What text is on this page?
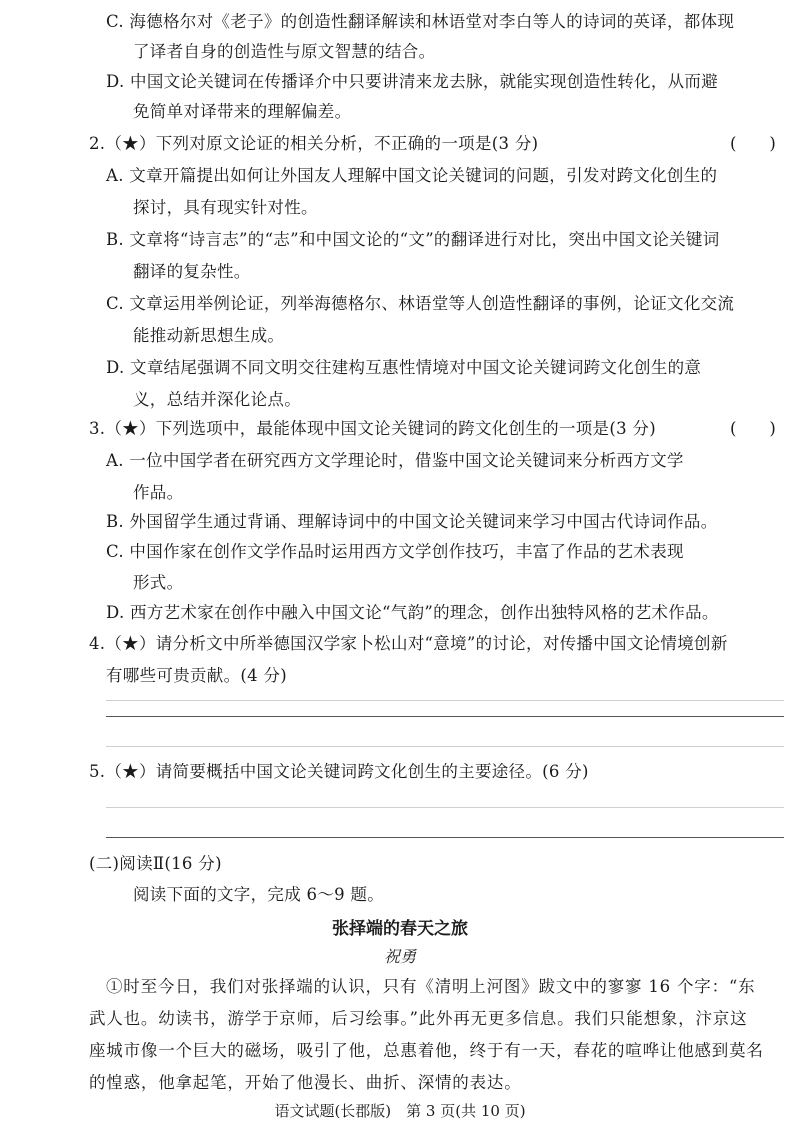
C. 海德格尔对《老子》的创造性翻译解读和林语堂对李白等人的诗词的英译，都体现
了译者自身的创造性与原文智慧的结合。
D. 中国文论关键词在传播译介中只要讲清来龙去脉，就能实现创造性转化，从而避
免简单对译带来的理解偏差。
2.（★）下列对原文论证的相关分析，不正确的一项是(3 分)	(　　)
A. 文章开篇提出如何让外国友人理解中国文论关键词的问题，引发对跨文化创生的
探讨，具有现实针对性。
B. 文章将“诗言志”的“志”和中国文论的“文”的翻译进行对比，突出中国文论关键词
翻译的复杂性。
C. 文章运用举例论证，列举海德格尔、林语堂等人创造性翻译的事例，论证文化交流
能推动新思想生成。
D. 文章结尾强调不同文明交往建构互惠性情境对中国文论关键词跨文化创生的意
义，总结并深化论点。
3.（★）下列选项中，最能体现中国文论关键词的跨文化创生的一项是(3 分)	(　　)
A. 一位中国学者在研究西方文学理论时，借鉴中国文论关键词来分析西方文学
作品。
B. 外国留学生通过背诵、理解诗词中的中国文论关键词来学习中国古代诗词作品。
C. 中国作家在创作文学作品时运用西方文学创作技巧，丰富了作品的艺术表现
形式。
D. 西方艺术家在创作中融入中国文论“气韵”的理念，创作出独特风格的艺术作品。
4.（★）请分析文中所举德国汉学家卜松山对“意境”的讨论，对传播中国文论情境创新
有哪些可贵贡献。(4 分)
5.（★）请简要概括中国文论关键词跨文化创生的主要途径。(6 分)
(二)阅读Ⅱ(16 分)
阅读下面的文字，完成 6～9 题。
张择端的春天之旅
祝勇
①时至今日，我们对张择端的认识，只有《清明上河图》跋文中的寥寥 16 个字：“东
武人也。幼读书，游学于京师，后习绘事。”此外再无更多信息。我们只能想象，汴京这
座城市像一个巨大的磁场，吸引了他，总惠着他，终于有一天，春花的喧哗让他感到莫名
的惶惑，他拿起笔，开始了他漫长、曲折、深情的表达。
语文试题(长郡版)　第 3 页(共 10 页)
